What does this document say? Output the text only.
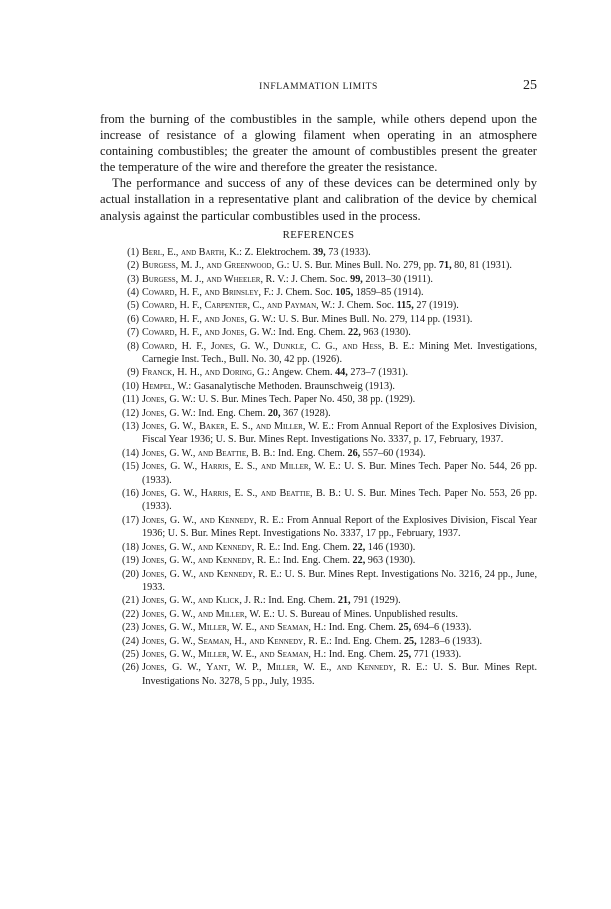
INFLAMMATION LIMITS	25

from the burning of the combustibles in the sample, while others depend upon the increase of resistance of a glowing filament when operating in an atmosphere containing combustibles; the greater the amount of combustibles present the greater the temperature of the wire and therefore the greater the resistance.

The performance and success of any of these devices can be determined only by actual installation in a representative plant and calibration of the device by chemical analysis against the particular combustibles used in the process.

REFERENCES
(1) Berl, E., and Barth, K.: Z. Elektrochem. 39, 73 (1933).
(2) Burgess, M. J., and Greenwood, G.: U. S. Bur. Mines Bull. No. 279, pp. 71, 80, 81 (1931).
(3) Burgess, M. J., and Wheeler, R. V.: J. Chem. Soc. 99, 2013–30 (1911).
(4) Coward, H. F., and Brinsley, F.: J. Chem. Soc. 105, 1859–85 (1914).
(5) Coward, H. F., Carpenter, C., and Payman, W.: J. Chem. Soc. 115, 27 (1919).
(6) Coward, H. F., and Jones, G. W.: U. S. Bur. Mines Bull. No. 279, 114 pp. (1931).
(7) Coward, H. F., and Jones, G. W.: Ind. Eng. Chem. 22, 963 (1930).
(8) Coward, H. F., Jones, G. W., Dunkle, C. G., and Hess, B. E.: Mining Met. Investigations, Carnegie Inst. Tech., Bull. No. 30, 42 pp. (1926).
(9) Franck, H. H., and Doring, G.: Angew. Chem. 44, 273–7 (1931).
(10) Hempel, W.: Gasanalytische Methoden. Braunschweig (1913).
(11) Jones, G. W.: U. S. Bur. Mines Tech. Paper No. 450, 38 pp. (1929).
(12) Jones, G. W.: Ind. Eng. Chem. 20, 367 (1928).
(13) Jones, G. W., Baker, E. S., and Miller, W. E.: From Annual Report of the Explosives Division, Fiscal Year 1936; U. S. Bur. Mines Rept. Investigations No. 3337, p. 17, February, 1937.
(14) Jones, G. W., and Beattie, B. B.: Ind. Eng. Chem. 26, 557–60 (1934).
(15) Jones, G. W., Harris, E. S., and Miller, W. E.: U. S. Bur. Mines Tech. Paper No. 544, 26 pp. (1933).
(16) Jones, G. W., Harris, E. S., and Beattie, B. B.: U. S. Bur. Mines Tech. Paper No. 553, 26 pp. (1933).
(17) Jones, G. W., and Kennedy, R. E.: From Annual Report of the Explosives Division, Fiscal Year 1936; U. S. Bur. Mines Rept. Investigations No. 3337, 17 pp., February, 1937.
(18) Jones, G. W., and Kennedy, R. E.: Ind. Eng. Chem. 22, 146 (1930).
(19) Jones, G. W., and Kennedy, R. E.: Ind. Eng. Chem. 22, 963 (1930).
(20) Jones, G. W., and Kennedy, R. E.: U. S. Bur. Mines Rept. Investigations No. 3216, 24 pp., June, 1933.
(21) Jones, G. W., and Klick, J. R.: Ind. Eng. Chem. 21, 791 (1929).
(22) Jones, G. W., and Miller, W. E.: U. S. Bureau of Mines. Unpublished results.
(23) Jones, G. W., Miller, W. E., and Seaman, H.: Ind. Eng. Chem. 25, 694–6 (1933).
(24) Jones, G. W., Seaman, H., and Kennedy, R. E.: Ind. Eng. Chem. 25, 1283–6 (1933).
(25) Jones, G. W., Miller, W. E., and Seaman, H.: Ind. Eng. Chem. 25, 771 (1933).
(26) Jones, G. W., Yant, W. P., Miller, W. E., and Kennedy, R. E.: U. S. Bur. Mines Rept. Investigations No. 3278, 5 pp., July, 1935.
